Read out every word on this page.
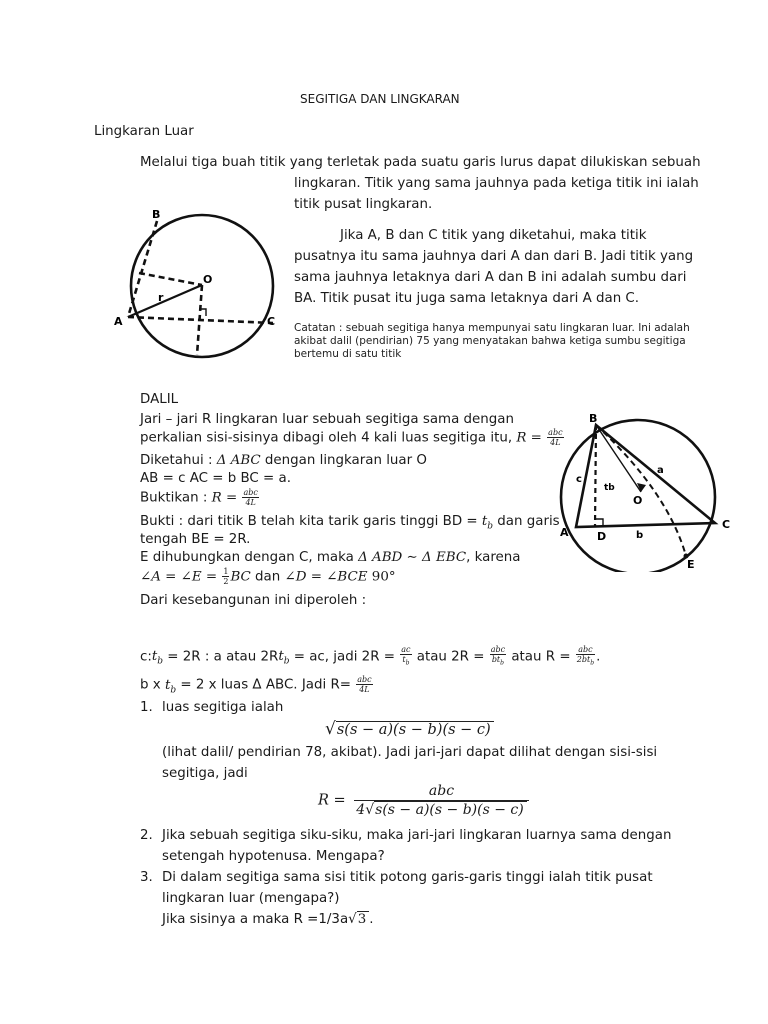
SEGITIGA DAN LINGKARAN
Lingkaran Luar
Melalui tiga buah titik yang terletak pada suatu garis lurus dapat dilukiskan sebuah
lingkaran. Titik yang sama jauhnya pada ketiga titik ini ialah
titik pusat lingkaran.
Jika A, B dan C titik yang diketahui, maka titik
pusatnya itu sama jauhnya dari A dan dari B. Jadi titik yang
sama jauhnya letaknya dari A dan B ini adalah sumbu dari
BA. Titik pusat itu juga sama letaknya dari A dan C.
Catatan : sebuah segitiga hanya mempunyai satu lingkaran luar. Ini adalah
akibat dalil (pendirian) 75 yang menyatakan bahwa ketiga sumbu segitiga
bertemu di satu titik
B
O
r
A	C
DALIL
Jari – jari R lingkaran luar sebuah segitiga sama dengan
perkalian sisi-sisinya dibagi oleh 4 kali luas segitiga itu, $R = \frac{\text{abc}}{4L}$
Diketahui : Δ ABC dengan lingkaran luar O
AB = c AC = b BC = a.
Buktikan : $R = \frac{\text{abc}}{4L}$
Bukti : dari titik B telah kita tarik garis tinggi BD = $t_b$ dan garis
tengah BE = 2R.
E dihubungkan dengan C, maka Δ ABD ∼ Δ EBC, karena
∠A = ∠E = $\frac{1}{2}$ BC dan ∠D = ∠BCE 90°
Dari kesebangunan ini diperoleh :
B
c
tb
a
O
A	D	b
C
E
$c:t_b = 2R$ : a atau $2Rt_b$ = ac, jadi $2R = \frac{ac}{t_b}$ atau $2R = \frac{\text{abc}}{bt_b}$ atau $R = \frac{\text{abc}}{2bt_b}$ .
b x $t_b = 2$ x luas Δ ABC. Jadi $R= \frac{\text{abc}}{4L}$
1. luas segitiga ialah
√s(s − a)(s − b)(s − c)
(lihat dalil/ pendirian 78, akibat). Jadi jari-jari dapat dilihat dengan sisi-sisi
segitiga, jadi
$R = \frac{\text{abc}}{4√s(s - a)(s - b)(s - c)}$
2. Jika sebuah segitiga siku-siku, maka jari-jari lingkaran luarnya sama dengan
setengah hypotenusa. Mengapa?
3. Di dalam segitiga sama sisi titik potong garis-garis tinggi ialah titik pusat
lingkaran luar (mengapa?)
Jika sisinya a maka R =1/3a√3 .
